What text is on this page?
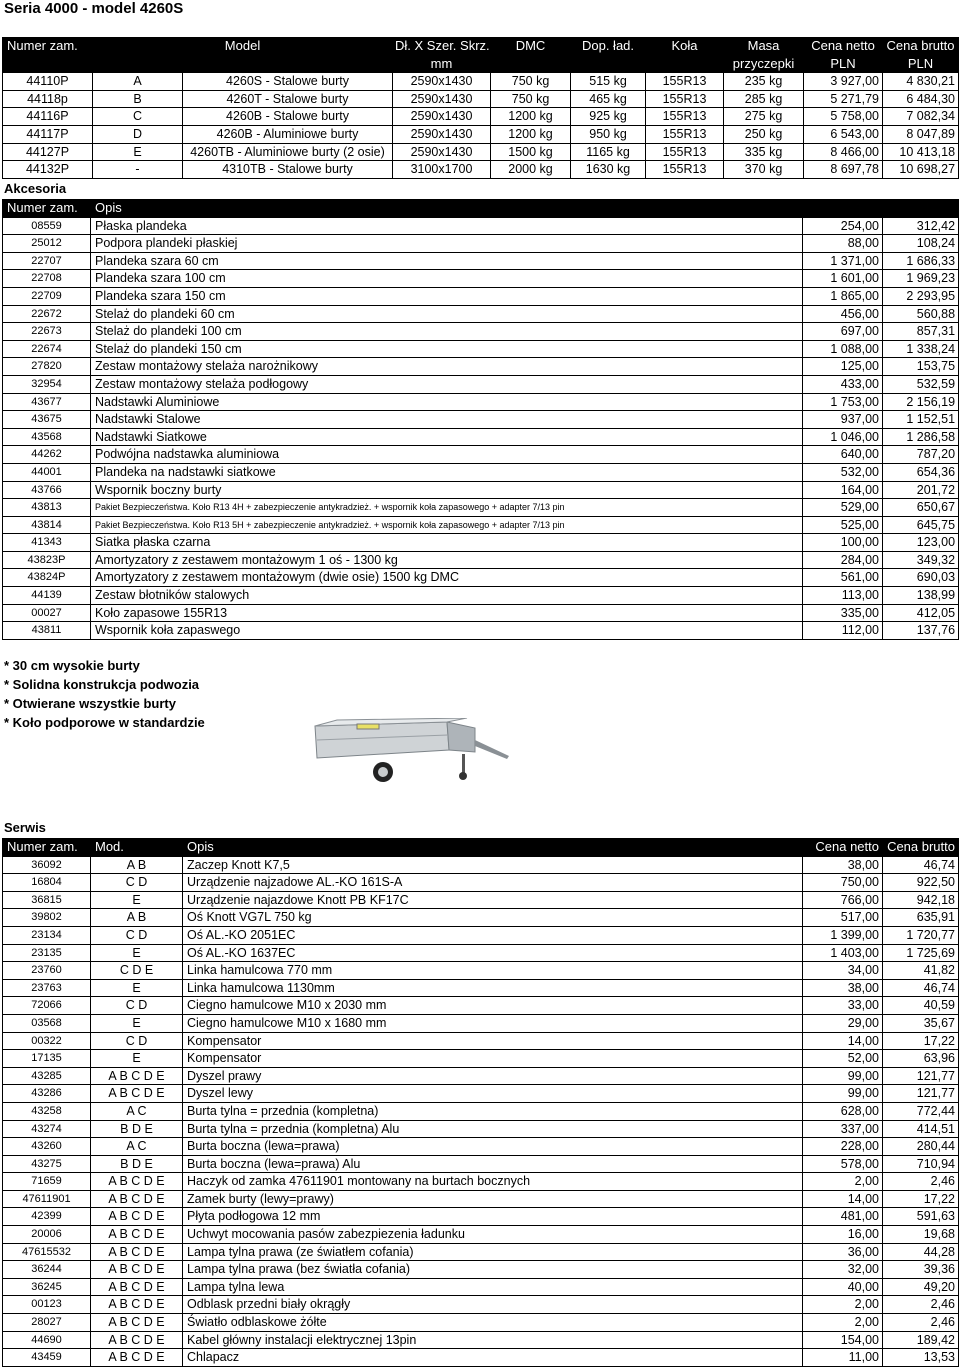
Seria 4000 - model 4260S
Numer zam.	Model		Dł. X Szer. Skrz.	DMC	Dop. ład.	Koła	Masa	Cena netto	Cena brutto
			mm				przyczepki	PLN	PLN
44110P	A	4260S - Stalowe burty	2590x1430	750 kg	515 kg	155R13	235 kg	3 927,00	4 830,21
44118p	B	4260T - Stalowe burty	2590x1430	750 kg	465 kg	155R13	285 kg	5 271,79	6 484,30
44116P	C	4260B - Stalowe burty	2590x1430	1200 kg	925 kg	155R13	275 kg	5 758,00	7 082,34
44117P	D	4260B - Aluminiowe burty	2590x1430	1200 kg	950 kg	155R13	250 kg	6 543,00	8 047,89
44127P	E	4260TB - Aluminiowe burty (2 osie)	2590x1430	1500 kg	1165 kg	155R13	335 kg	8 466,00	10 413,18
44132P	-	4310TB - Stalowe burty	3100x1700	2000 kg	1630 kg	155R13	370 kg	8 697,78	10 698,27
Akcesoria
Numer zam.	Opis		
08559	Płaska plandeka	254,00	312,42
25012	Podpora plandeki płaskiej	88,00	108,24
22707	Plandeka szara 60 cm	1 371,00	1 686,33
22708	Plandeka szara 100 cm	1 601,00	1 969,23
22709	Plandeka szara 150 cm	1 865,00	2 293,95
22672	Stelaż do plandeki 60 cm	456,00	560,88
22673	Stelaż do plandeki 100 cm	697,00	857,31
22674	Stelaż do plandeki 150 cm	1 088,00	1 338,24
27820	Zestaw montażowy stelaża narożnikowy	125,00	153,75
32954	Zestaw montażowy stelaża podłogowy	433,00	532,59
43677	Nadstawki Aluminiowe	1 753,00	2 156,19
43675	Nadstawki Stalowe	937,00	1 152,51
43568	Nadstawki Siatkowe	1 046,00	1 286,58
44262	Podwójna nadstawka aluminiowa	640,00	787,20
44001	Plandeka na nadstawki siatkowe	532,00	654,36
43766	Wspornik boczny burty	164,00	201,72
43813	Pakiet Bezpieczeństwa. Koło R13 4H + zabezpieczenie antykradzież. + wspornik koła zapasowego + adapter 7/13 pin	529,00	650,67
43814	Pakiet Bezpieczeństwa. Koło R13 5H + zabezpieczenie antykradzież. + wspornik koła zapasowego + adapter 7/13 pin	525,00	645,75
41343	Siatka płaska czarna	100,00	123,00
43823P	Amortyzatory z zestawem montażowym 1 oś - 1300 kg	284,00	349,32
43824P	Amortyzatory z zestawem montażowym (dwie osie) 1500 kg DMC	561,00	690,03
44139	Zestaw błotników stalowych	113,00	138,99
00027	Koło zapasowe 155R13	335,00	412,05
43811	Wspornik koła zapaswego	112,00	137,76
* 30 cm wysokie burty
* Solidna konstrukcja podwozia
* Otwierane wszystkie burty
* Koło podporowe w standardzie
Serwis
Numer zam.	Mod.	Opis	Cena netto	Cena brutto
36092	A B	Zaczep Knott K7,5	38,00	46,74
16804	C D	Urządzenie najzadowe AL.-KO 161S-A	750,00	922,50
36815	E	Urządzenie najazdowe Knott PB KF17C	766,00	942,18
39802	A B	Oś Knott VG7L 750 kg	517,00	635,91
23134	C D	Oś AL.-KO 2051EC	1 399,00	1 720,77
23135	E	Oś AL.-KO 1637EC	1 403,00	1 725,69
23760	C D E	Linka hamulcowa 770 mm	34,00	41,82
23763	E	Linka hamulcowa 1130mm	38,00	46,74
72066	C D	Ciegno hamulcowe M10 x 2030 mm	33,00	40,59
03568	E	Ciegno hamulcowe M10 x 1680 mm	29,00	35,67
00322	C D	Kompensator	14,00	17,22
17135	E	Kompensator	52,00	63,96
43285	A B C D E	Dyszel prawy	99,00	121,77
43286	A B C D E	Dyszel lewy	99,00	121,77
43258	A C	Burta tylna = przednia (kompletna)	628,00	772,44
43274	B D E	Burta tylna = przednia (kompletna) Alu	337,00	414,51
43260	A C	Burta boczna (lewa=prawa)	228,00	280,44
43275	B D E	Burta boczna (lewa=prawa) Alu	578,00	710,94
71659	A B C D E	Haczyk od zamka 47611901 montowany na burtach bocznych	2,00	2,46
47611901	A B C D E	Zamek burty (lewy=prawy)	14,00	17,22
42399	A B C D E	Płyta podłogowa 12 mm	481,00	591,63
20006	A B C D E	Uchwyt mocowania pasów zabezpiezenia ładunku	16,00	19,68
47615532	A B C D E	Lampa tylna prawa (ze światłem cofania)	36,00	44,28
36244	A B C D E	Lampa tylna prawa (bez światła cofania)	32,00	39,36
36245	A B C D E	Lampa tylna lewa	40,00	49,20
00123	A B C D E	Odblask przedni biały okrągły	2,00	2,46
28027	A B C D E	Światło odblaskowe żółte	2,00	2,46
44690	A B C D E	Kabel główny instalacji elektrycznej 13pin	154,00	189,42
43459	A B C D E	Chlapacz	11,00	13,53
